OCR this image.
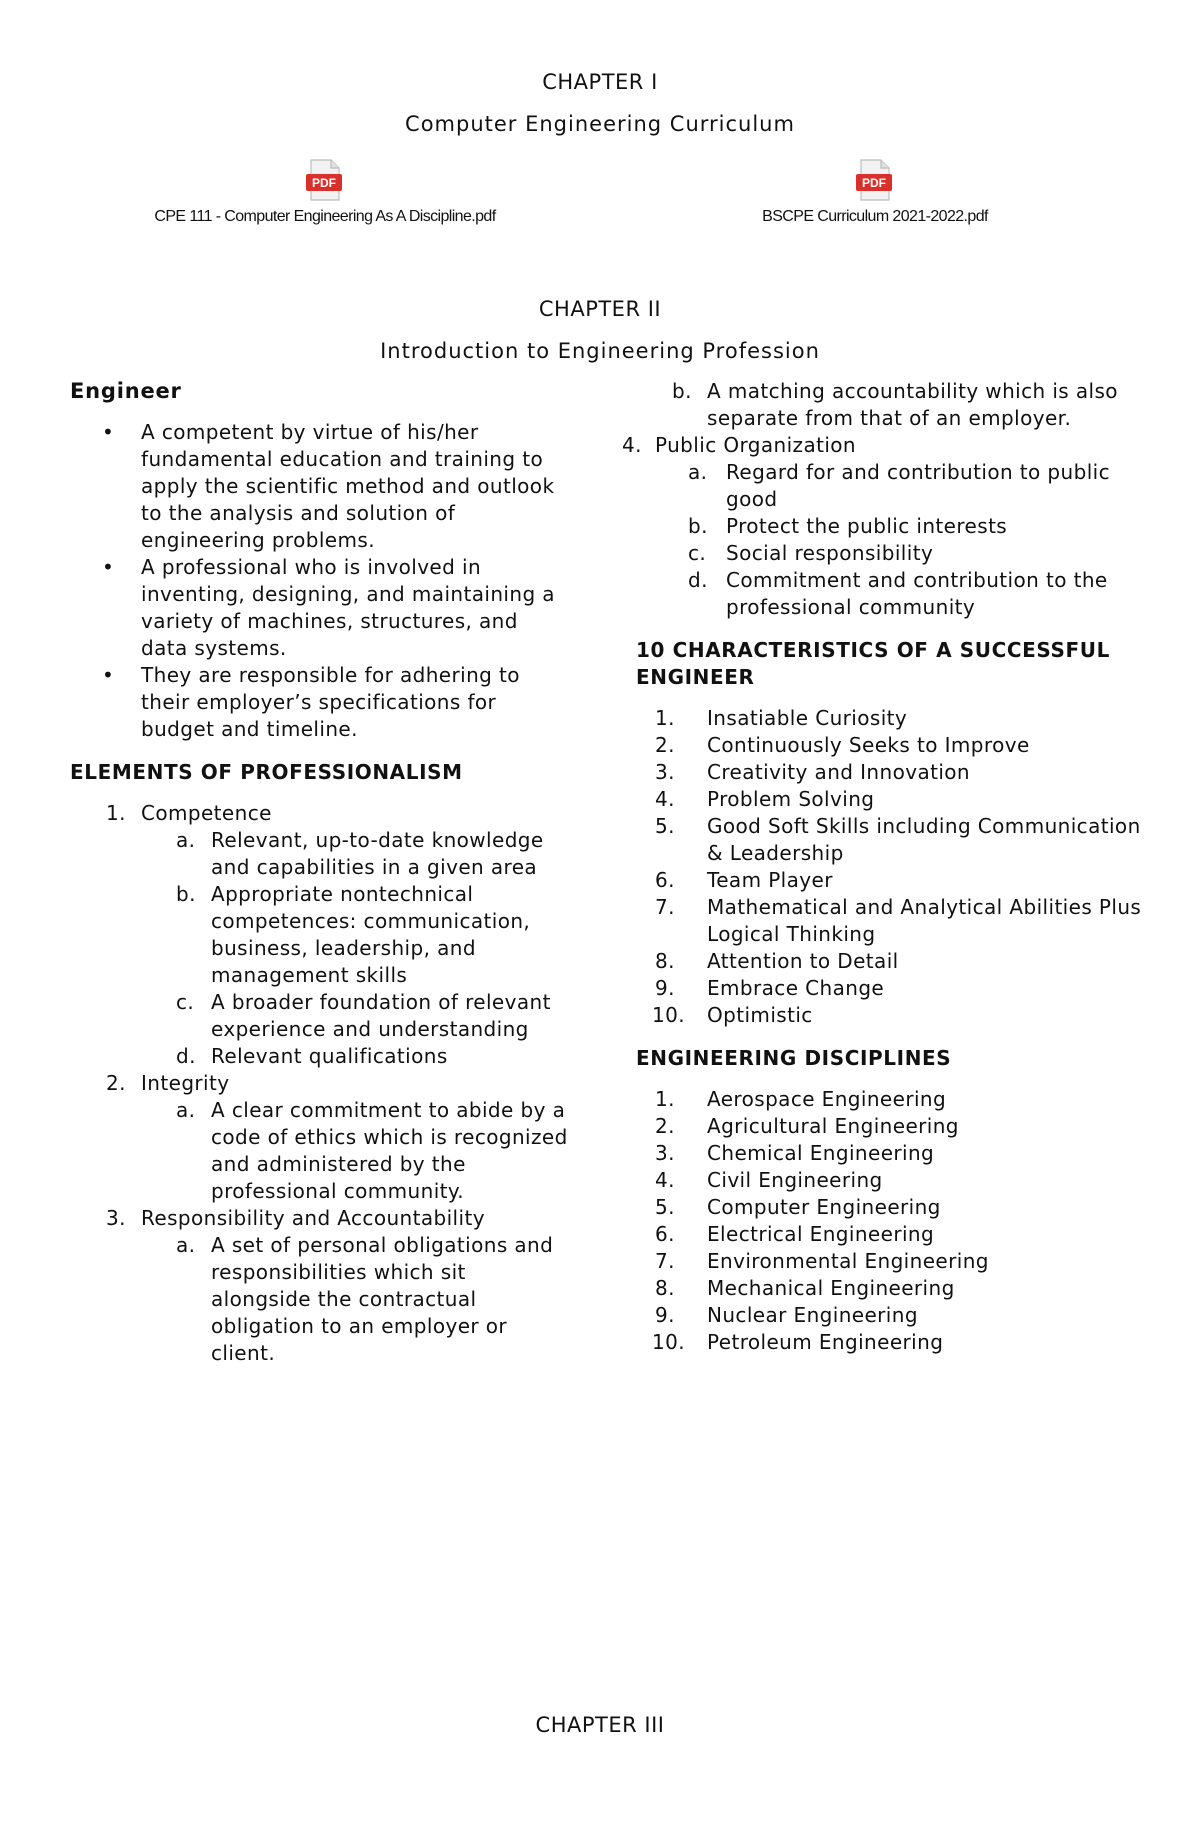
CHAPTER I
Computer Engineering Curriculum
PDF
CPE 111 - Computer Engineering As A Discipline.pdf
PDF
BSCPE Curriculum 2021-2022.pdf
CHAPTER II
Introduction to Engineering Profession
Engineer
• A competent by virtue of his/her fundamental education and training to apply the scientific method and outlook to the analysis and solution of engineering problems.
• A professional who is involved in inventing, designing, and maintaining a variety of machines, structures, and data systems.
• They are responsible for adhering to their employer’s specifications for budget and timeline.
ELEMENTS OF PROFESSIONALISM
1. Competence
a. Relevant, up-to-date knowledge and capabilities in a given area
b. Appropriate nontechnical competences: communication, business, leadership, and management skills
c. A broader foundation of relevant experience and understanding
d. Relevant qualifications
2. Integrity
a. A clear commitment to abide by a code of ethics which is recognized and administered by the professional community.
3. Responsibility and Accountability
a. A set of personal obligations and responsibilities which sit alongside the contractual obligation to an employer or client.
b. A matching accountability which is also separate from that of an employer.
4. Public Organization
a. Regard for and contribution to public good
b. Protect the public interests
c. Social responsibility
d. Commitment and contribution to the professional community
10 CHARACTERISTICS OF A SUCCESSFUL ENGINEER
1. Insatiable Curiosity
2. Continuously Seeks to Improve
3. Creativity and Innovation
4. Problem Solving
5. Good Soft Skills including Communication & Leadership
6. Team Player
7. Mathematical and Analytical Abilities Plus Logical Thinking
8. Attention to Detail
9. Embrace Change
10. Optimistic
ENGINEERING DISCIPLINES
1. Aerospace Engineering
2. Agricultural Engineering
3. Chemical Engineering
4. Civil Engineering
5. Computer Engineering
6. Electrical Engineering
7. Environmental Engineering
8. Mechanical Engineering
9. Nuclear Engineering
10. Petroleum Engineering
CHAPTER III
